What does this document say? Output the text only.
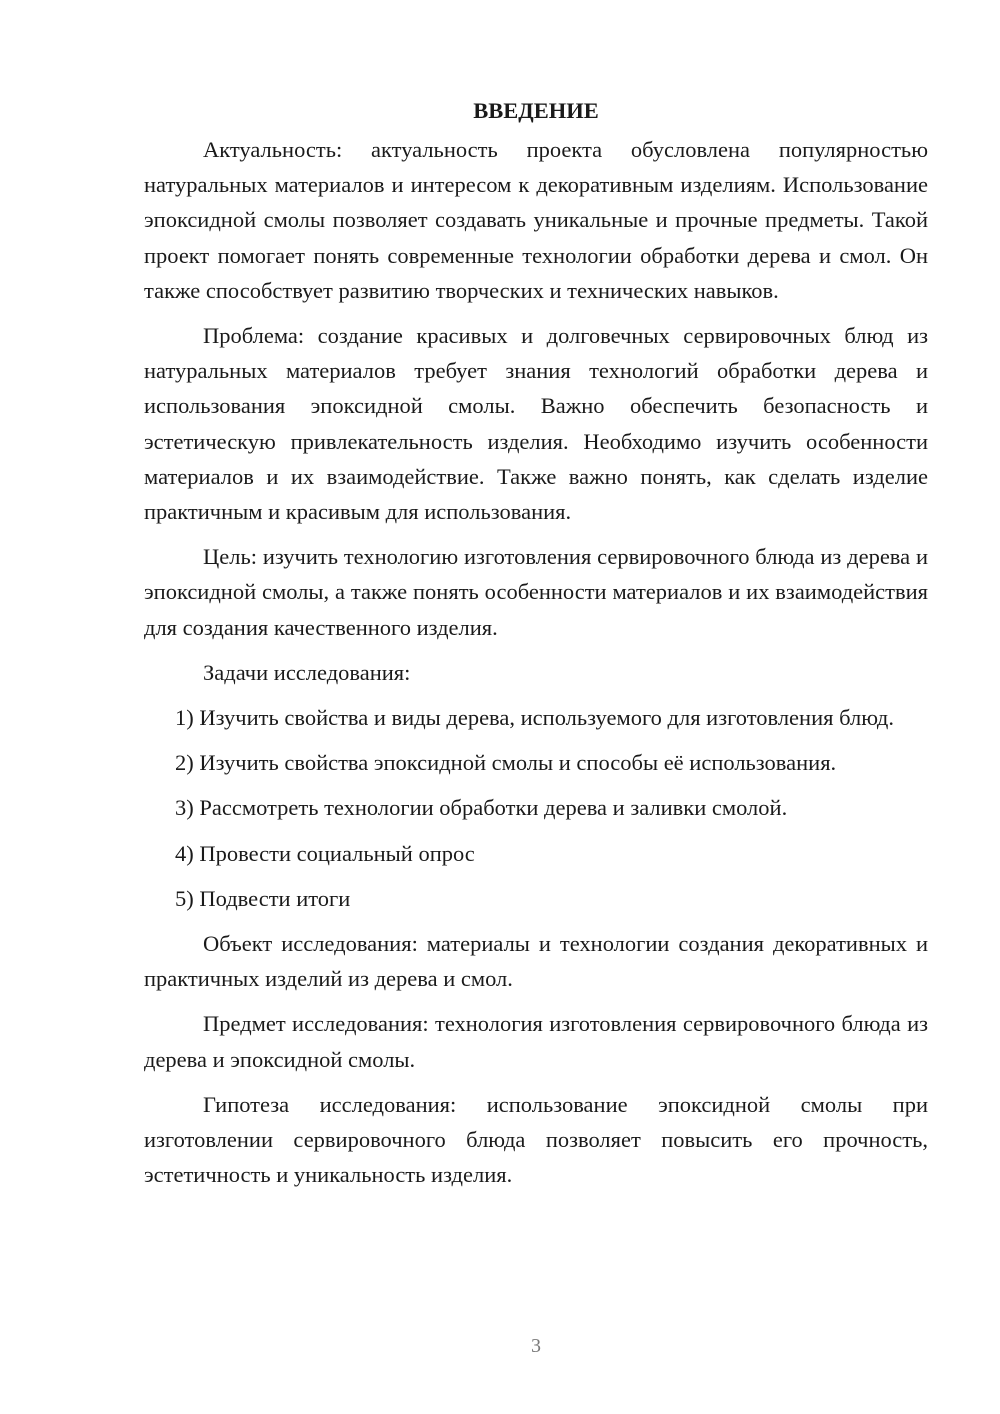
ВВЕДЕНИЕ

Актуальность: актуальность проекта обусловлена популярностью натуральных материалов и интересом к декоративным изделиям. Использование эпоксидной смолы позволяет создавать уникальные и прочные предметы. Такой проект помогает понять современные технологии обработки дерева и смол. Он также способствует развитию творческих и технических навыков.

Проблема: создание красивых и долговечных сервировочных блюд из натуральных материалов требует знания технологий обработки дерева и использования эпоксидной смолы. Важно обеспечить безопасность и эстетическую привлекательность изделия. Необходимо изучить особенности материалов и их взаимодействие. Также важно понять, как сделать изделие практичным и красивым для использования.

Цель: изучить технологию изготовления сервировочного блюда из дерева и эпоксидной смолы, а также понять особенности материалов и их взаимодействия для создания качественного изделия.

Задачи исследования:

1) Изучить свойства и виды дерева, используемого для изготовления блюд.

2) Изучить свойства эпоксидной смолы и способы её использования.

3) Рассмотреть технологии обработки дерева и заливки смолой.

4) Провести социальный опрос

5) Подвести итоги

Объект исследования: материалы и технологии создания декоративных и практичных изделий из дерева и смол.

Предмет исследования: технология изготовления сервировочного блюда из дерева и эпоксидной смолы.

Гипотеза исследования: использование эпоксидной смолы при изготовлении сервировочного блюда позволяет повысить его прочность, эстетичность и уникальность изделия.

3
